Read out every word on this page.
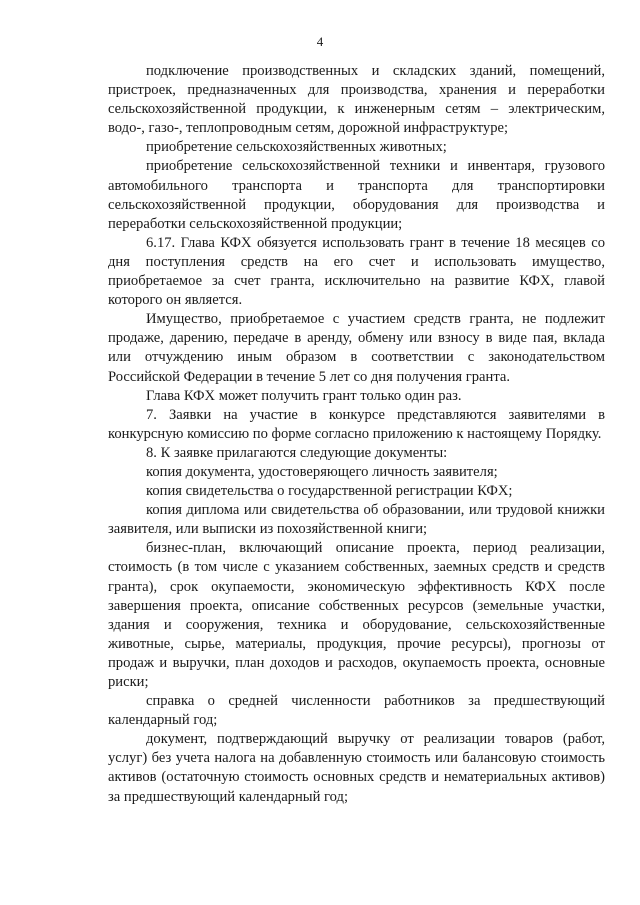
4

подключение производственных и складских зданий, помещений, пристроек, предназначенных для производства, хранения и переработки сельскохозяйственной продукции, к инженерным сетям – электрическим, водо-, газо-, теплопроводным сетям, дорожной инфраструктуре;

приобретение сельскохозяйственных животных;

приобретение сельскохозяйственной техники и инвентаря, грузового автомобильного транспорта и транспорта для транспортировки сельскохозяйственной продукции, оборудования для производства и переработки сельскохозяйственной продукции;

6.17. Глава КФХ обязуется использовать грант в течение 18 месяцев со дня поступления средств на его счет и использовать имущество, приобретаемое за счет гранта, исключительно на развитие КФХ, главой которого он является.

Имущество, приобретаемое с участием средств гранта, не подлежит продаже, дарению, передаче в аренду, обмену или взносу в виде пая, вклада или отчуждению иным образом в соответствии с законодательством Российской Федерации в течение 5 лет со дня получения гранта.

Глава КФХ может получить грант только один раз.

7. Заявки на участие в конкурсе представляются заявителями в конкурсную комиссию по форме согласно приложению к настоящему Порядку.

8. К заявке прилагаются следующие документы:

копия документа, удостоверяющего личность заявителя;

копия свидетельства о государственной регистрации КФХ;

копия диплома или свидетельства об образовании, или трудовой книжки заявителя, или выписки из похозяйственной книги;

бизнес-план, включающий описание проекта, период реализации, стоимость (в том числе с указанием собственных, заемных средств и средств гранта), срок окупаемости, экономическую эффективность КФХ после завершения проекта, описание собственных ресурсов (земельные участки, здания и сооружения, техника и оборудование, сельскохозяйственные животные, сырье, материалы, продукция, прочие ресурсы), прогнозы от продаж и выручки, план доходов и расходов, окупаемость проекта, основные риски;

справка о средней численности работников за предшествующий календарный год;

документ, подтверждающий выручку от реализации товаров (работ, услуг) без учета налога на добавленную стоимость или балансовую стоимость активов (остаточную стоимость основных средств и нематериальных активов) за предшествующий календарный год;
